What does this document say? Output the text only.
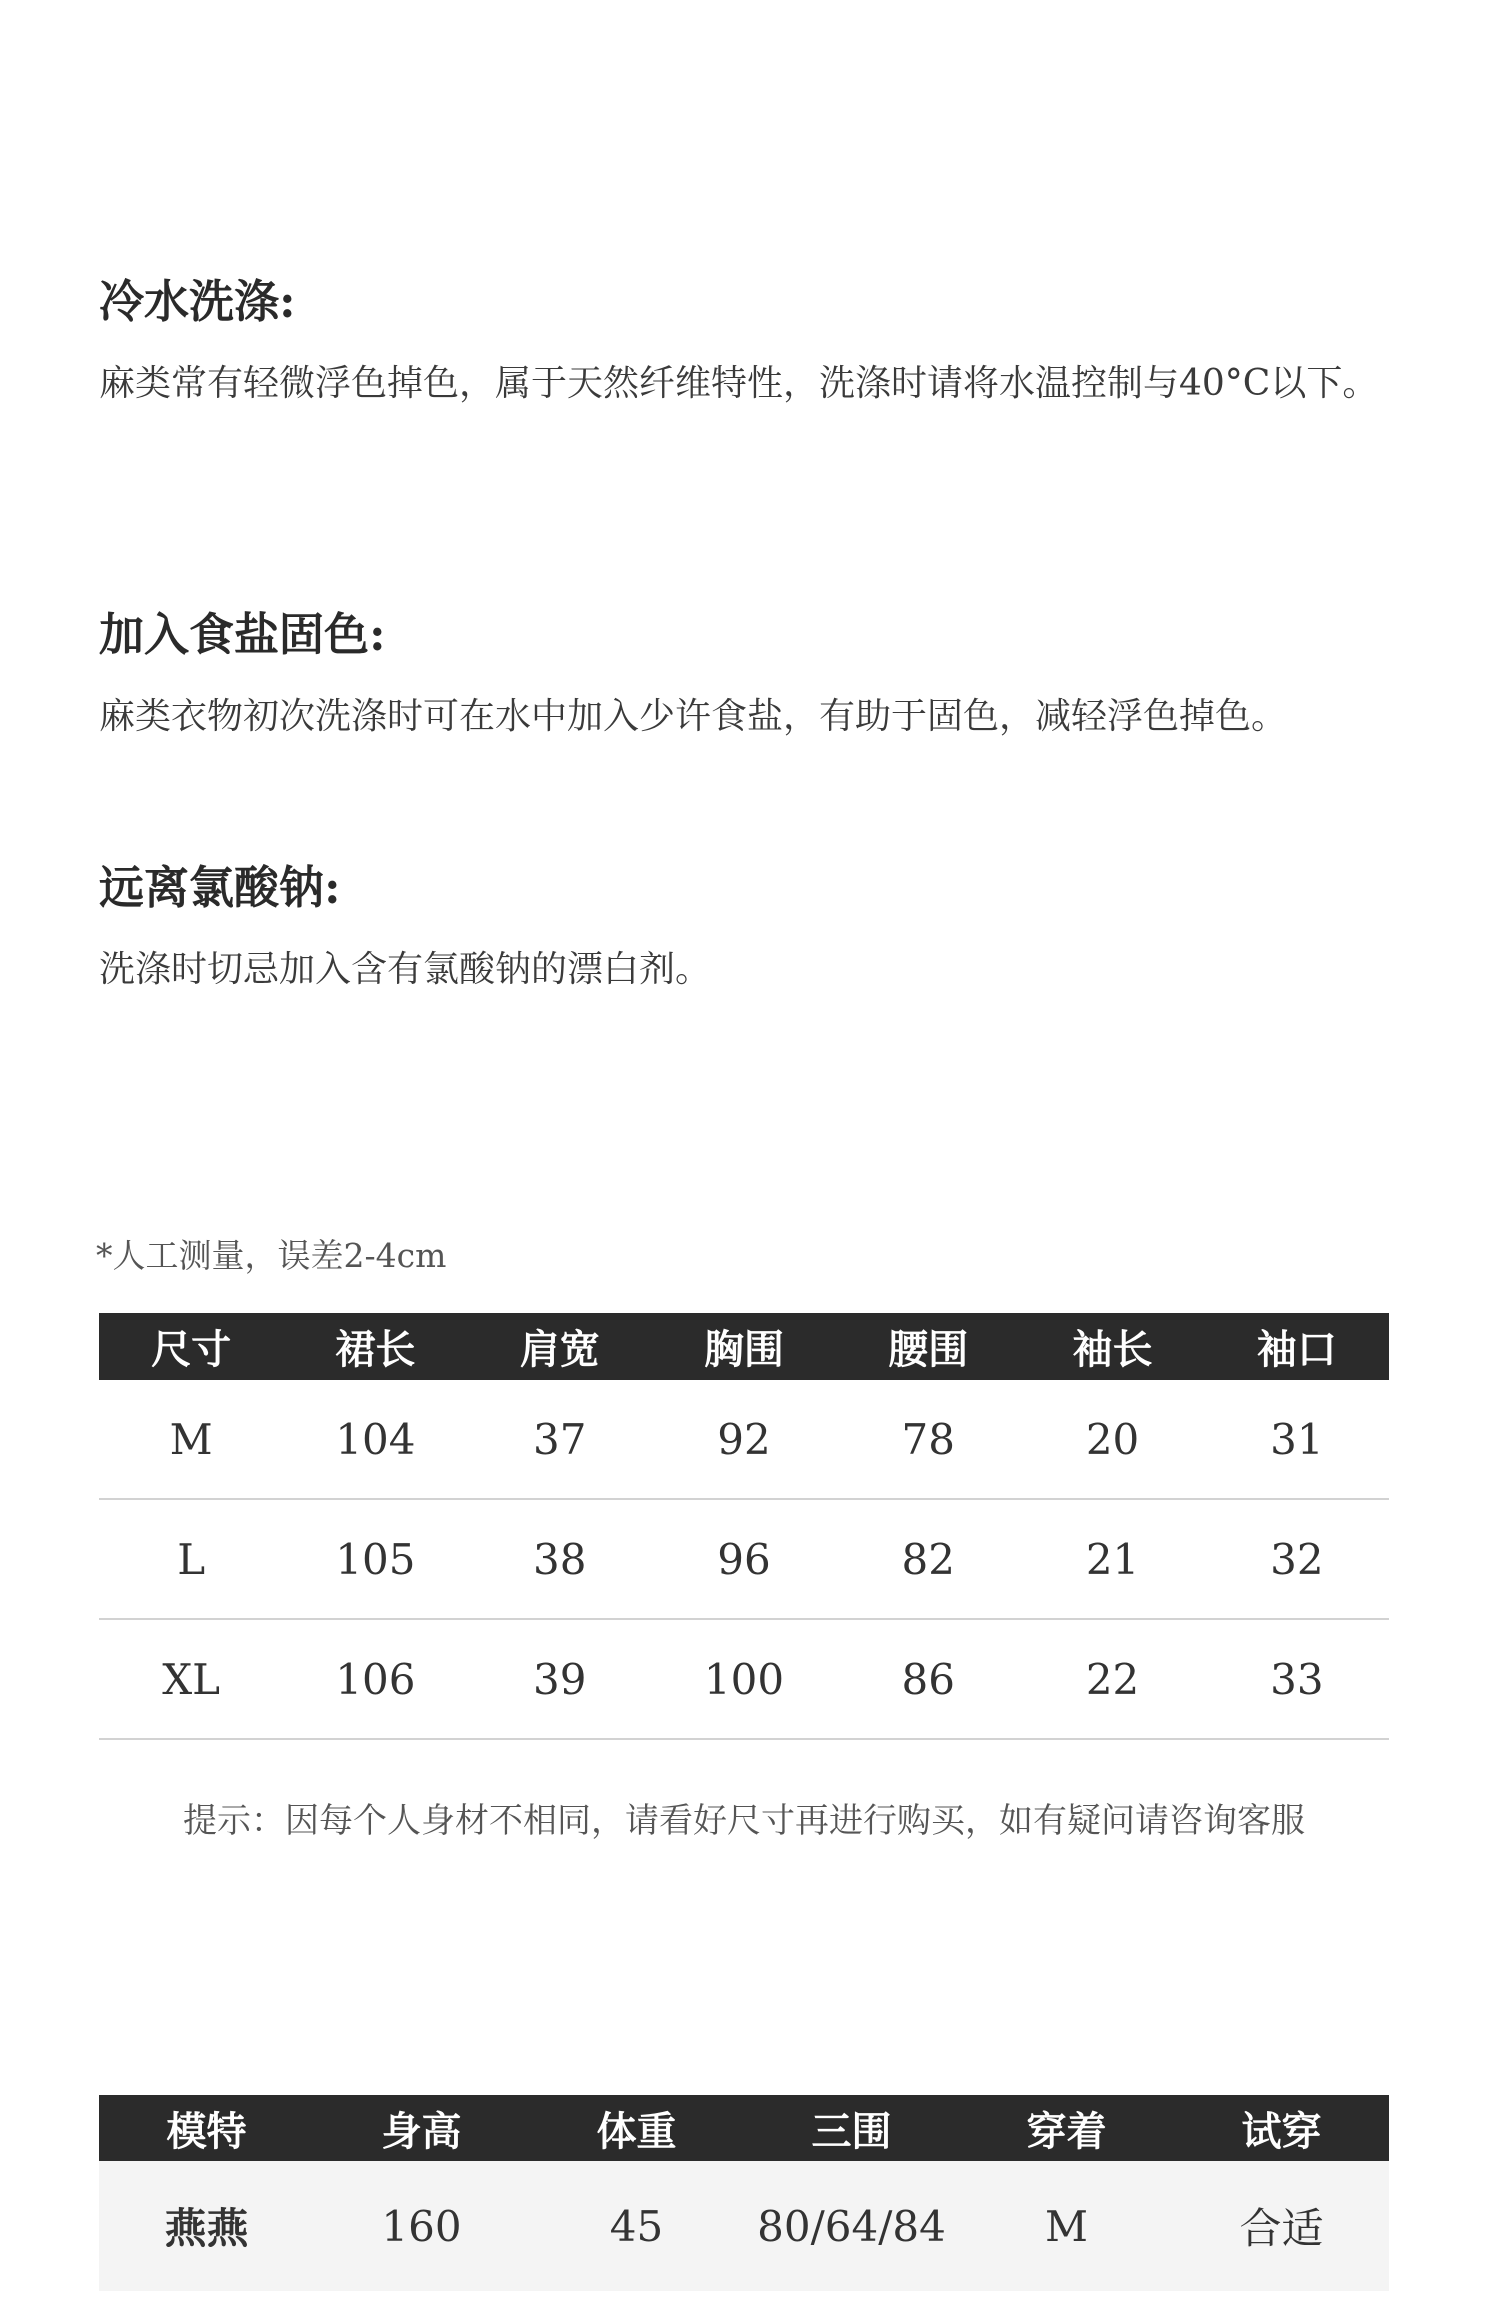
冷水洗涤:

麻类常有轻微浮色掉色，属于天然纤维特性，洗涤时请将水温控制与40°C以下。

加入食盐固色:

麻类衣物初次洗涤时可在水中加入少许食盐，有助于固色，减轻浮色掉色。

远离氯酸钠:

洗涤时切忌加入含有氯酸钠的漂白剂。

*人工测量，误差2-4cm
尺寸	裙长	肩宽	胸围	腰围	袖长	袖口
M	104	37	92	78	20	31
L	105	38	96	82	21	32
XL	106	39	100	86	22	33
提示：因每个人身材不相同，请看好尺寸再进行购买，如有疑问请咨询客服
模特	身高	体重	三围	穿着	试穿
燕燕	160	45	80/64/84	M	合适
